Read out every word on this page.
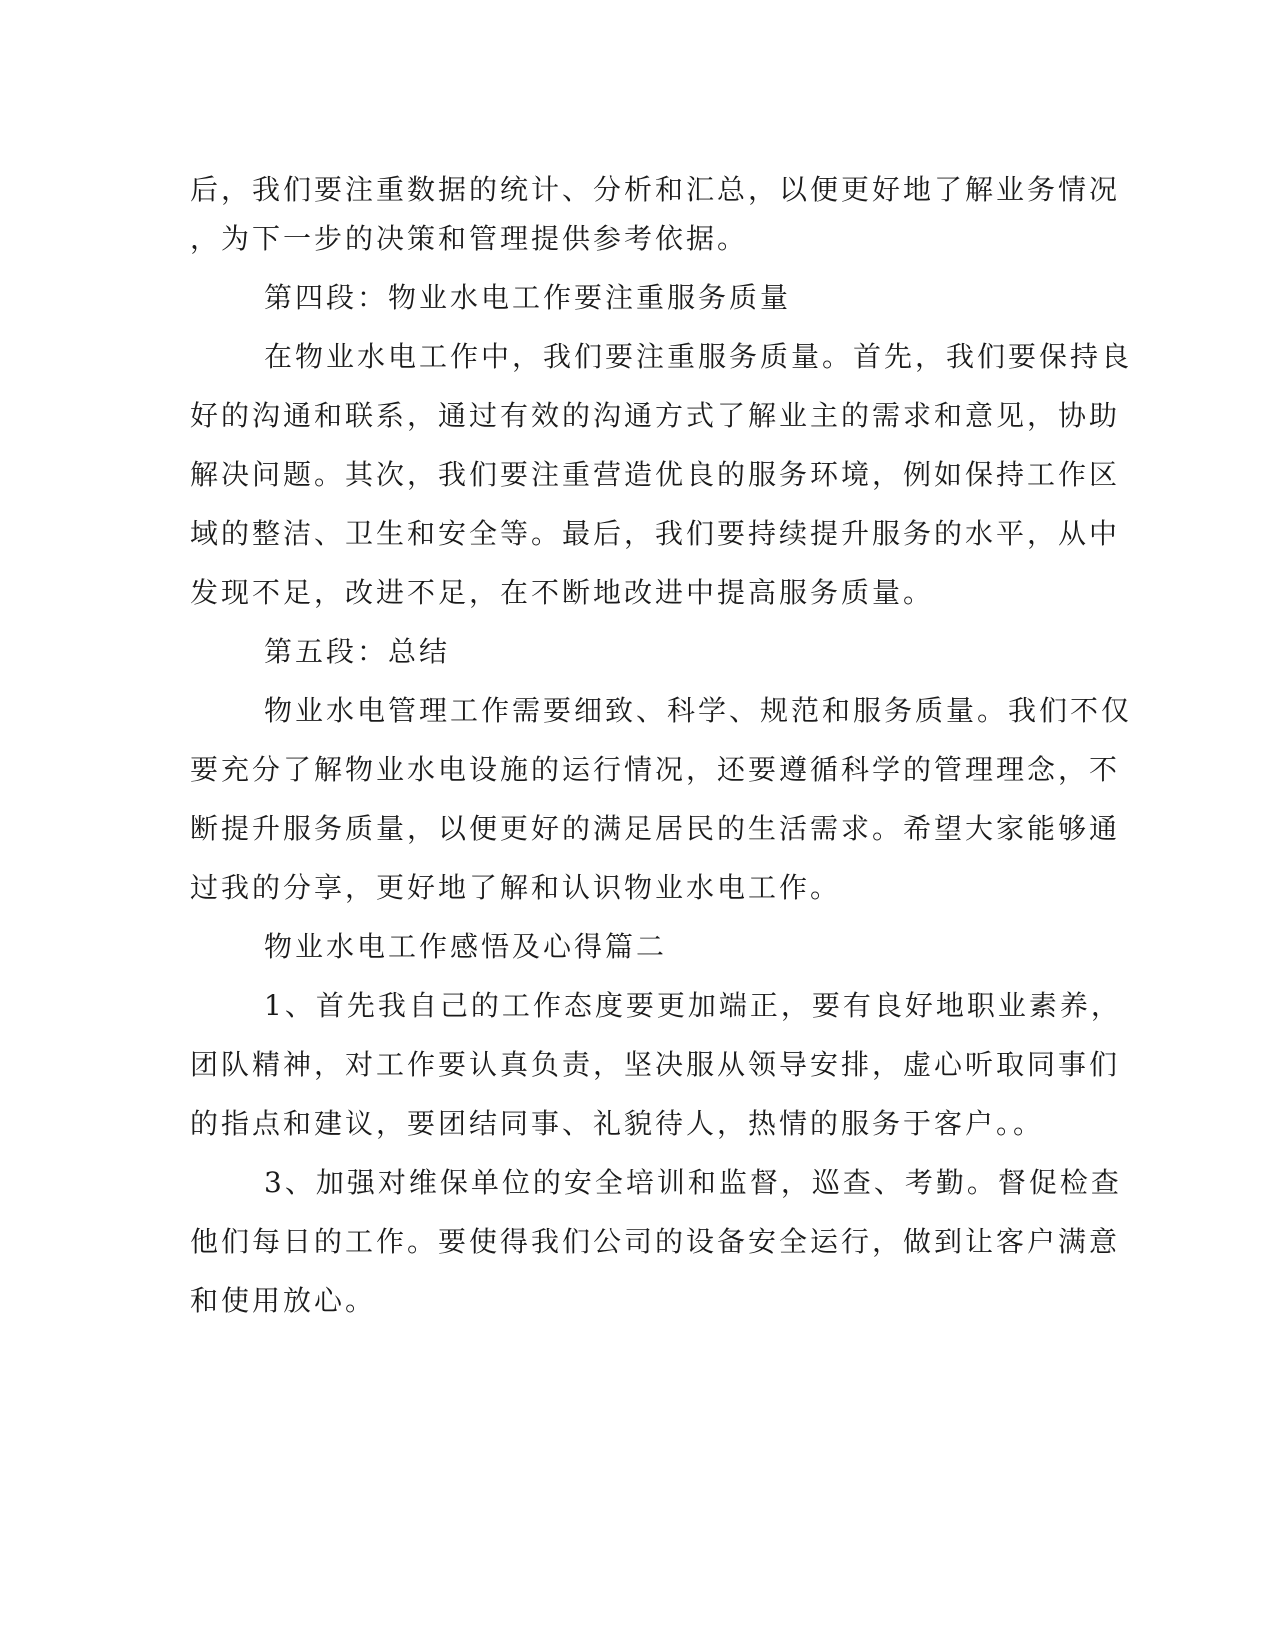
后，我们要注重数据的统计、分析和汇总，以便更好地了解业务情况

，为下一步的决策和管理提供参考依据。

第四段：物业水电工作要注重服务质量

在物业水电工作中，我们要注重服务质量。首先，我们要保持良

好的沟通和联系，通过有效的沟通方式了解业主的需求和意见，协助

解决问题。其次，我们要注重营造优良的服务环境，例如保持工作区

域的整洁、卫生和安全等。最后，我们要持续提升服务的水平，从中

发现不足，改进不足，在不断地改进中提高服务质量。

第五段：总结

物业水电管理工作需要细致、科学、规范和服务质量。我们不仅

要充分了解物业水电设施的运行情况，还要遵循科学的管理理念，不

断提升服务质量，以便更好的满足居民的生活需求。希望大家能够通

过我的分享，更好地了解和认识物业水电工作。

物业水电工作感悟及心得篇二

1、首先我自己的工作态度要更加端正，要有良好地职业素养，

团队精神，对工作要认真负责，坚决服从领导安排，虚心听取同事们

的指点和建议，要团结同事、礼貌待人，热情的服务于客户。。

3、加强对维保单位的安全培训和监督，巡查、考勤。督促检查

他们每日的工作。要使得我们公司的设备安全运行，做到让客户满意

和使用放心。
